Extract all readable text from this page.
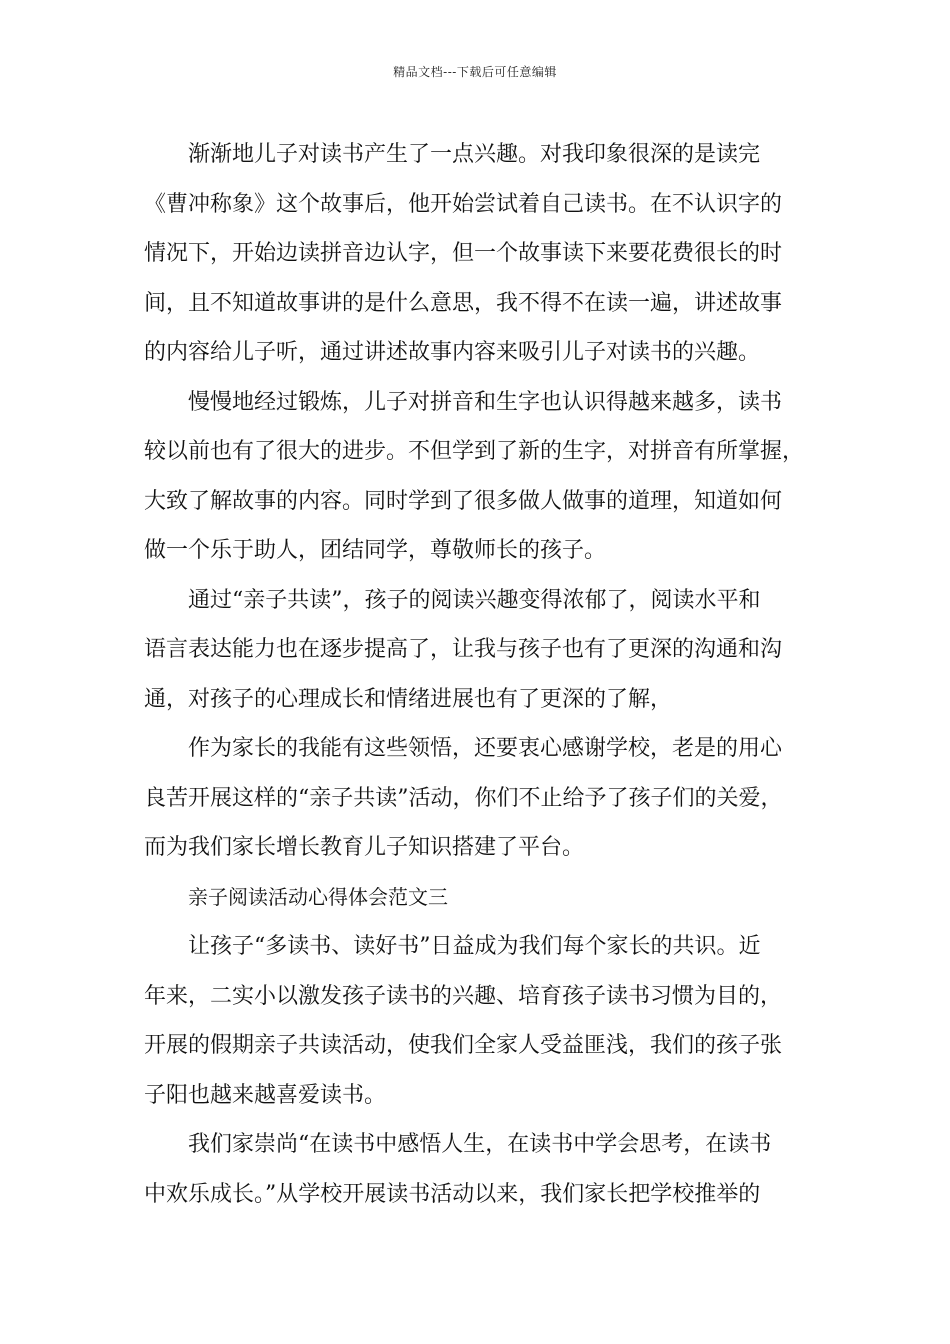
精品文档---下载后可任意编辑
渐渐地儿子对读书产生了一点兴趣。对我印象很深的是读完
《曹冲称象》这个故事后，他开始尝试着自己读书。在不认识字的
情况下，开始边读拼音边认字，但一个故事读下来要花费很长的时
间，且不知道故事讲的是什么意思，我不得不在读一遍，讲述故事
的内容给儿子听，通过讲述故事内容来吸引儿子对读书的兴趣。
慢慢地经过锻炼，儿子对拼音和生字也认识得越来越多，读书
较以前也有了很大的进步。不但学到了新的生字，对拼音有所掌握，
大致了解故事的内容。同时学到了很多做人做事的道理，知道如何
做一个乐于助人，团结同学，尊敬师长的孩子。
通过“亲子共读”，孩子的阅读兴趣变得浓郁了，阅读水平和
语言表达能力也在逐步提高了，让我与孩子也有了更深的沟通和沟
通，对孩子的心理成长和情绪进展也有了更深的了解，
作为家长的我能有这些领悟，还要衷心感谢学校，老是的用心
良苦开展这样的“亲子共读”活动，你们不止给予了孩子们的关爱，
而为我们家长增长教育儿子知识搭建了平台。
亲子阅读活动心得体会范文三
让孩子“多读书、读好书”日益成为我们每个家长的共识。近
年来，二实小以激发孩子读书的兴趣、培育孩子读书习惯为目的，
开展的假期亲子共读活动，使我们全家人受益匪浅，我们的孩子张
子阳也越来越喜爱读书。
我们家崇尚“在读书中感悟人生，在读书中学会思考，在读书
中欢乐成长。”从学校开展读书活动以来，我们家长把学校推举的
